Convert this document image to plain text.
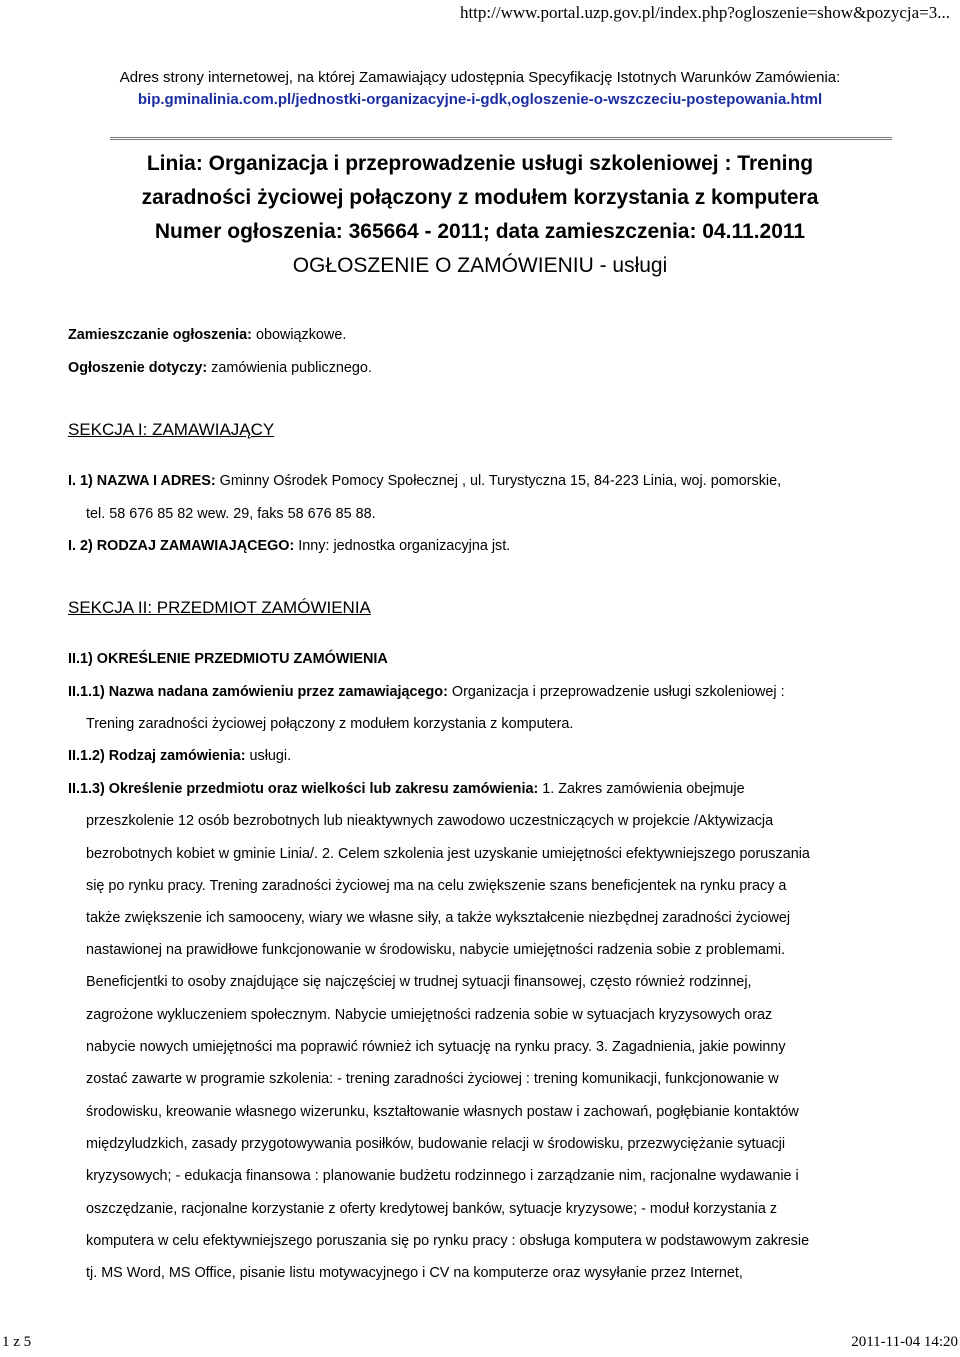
http://www.portal.uzp.gov.pl/index.php?ogloszenie=show&pozycja=3...
Adres strony internetowej, na której Zamawiający udostępnia Specyfikację Istotnych Warunków Zamówienia:
bip.gminalinia.com.pl/jednostki-organizacyjne-i-gdk,ogloszenie-o-wszczeciu-postepowania.html
Linia: Organizacja i przeprowadzenie usługi szkoleniowej : Trening
zaradności życiowej połączony z modułem korzystania z komputera
Numer ogłoszenia: 365664 - 2011; data zamieszczenia: 04.11.2011
OGŁOSZENIE O ZAMÓWIENIU - usługi
Zamieszczanie ogłoszenia: obowiązkowe.
Ogłoszenie dotyczy: zamówienia publicznego.
SEKCJA I: ZAMAWIAJĄCY
I. 1) NAZWA I ADRES: Gminny Ośrodek Pomocy Społecznej , ul. Turystyczna 15, 84-223 Linia, woj. pomorskie,
tel. 58 676 85 82 wew. 29, faks 58 676 85 88.
I. 2) RODZAJ ZAMAWIAJĄCEGO: Inny: jednostka organizacyjna jst.
SEKCJA II: PRZEDMIOT ZAMÓWIENIA
II.1) OKREŚLENIE PRZEDMIOTU ZAMÓWIENIA
II.1.1) Nazwa nadana zamówieniu przez zamawiającego: Organizacja i przeprowadzenie usługi szkoleniowej :
Trening zaradności życiowej połączony z modułem korzystania z komputera.
II.1.2) Rodzaj zamówienia: usługi.
II.1.3) Określenie przedmiotu oraz wielkości lub zakresu zamówienia: 1. Zakres zamówienia obejmuje
przeszkolenie 12 osób bezrobotnych lub nieaktywnych zawodowo uczestniczących w projekcie /Aktywizacja
bezrobotnych kobiet w gminie Linia/. 2. Celem szkolenia jest uzyskanie umiejętności efektywniejszego poruszania
się po rynku pracy. Trening zaradności życiowej ma na celu zwiększenie szans beneficjentek na rynku pracy a
także zwiększenie ich samooceny, wiary we własne siły, a także wykształcenie niezbędnej zaradności życiowej
nastawionej na prawidłowe funkcjonowanie w środowisku, nabycie umiejętności radzenia sobie z problemami.
Beneficjentki to osoby znajdujące się najczęściej w trudnej sytuacji finansowej, często również rodzinnej,
zagrożone wykluczeniem społecznym. Nabycie umiejętności radzenia sobie w sytuacjach kryzysowych oraz
nabycie nowych umiejętności ma poprawić również ich sytuację na rynku pracy. 3. Zagadnienia, jakie powinny
zostać zawarte w programie szkolenia: - trening zaradności życiowej : trening komunikacji, funkcjonowanie w
środowisku, kreowanie własnego wizerunku, kształtowanie własnych postaw i zachowań, pogłębianie kontaktów
międzyludzkich, zasady przygotowywania posiłków, budowanie relacji w środowisku, przezwyciężanie sytuacji
kryzysowych; - edukacja finansowa : planowanie budżetu rodzinnego i zarządzanie nim, racjonalne wydawanie i
oszczędzanie, racjonalne korzystanie z oferty kredytowej banków, sytuacje kryzysowe; - moduł korzystania z
komputera w celu efektywniejszego poruszania się po rynku pracy : obsługa komputera w podstawowym zakresie
tj. MS Word, MS Office, pisanie listu motywacyjnego i CV na komputerze oraz wysyłanie przez Internet,
1 z 5	2011-11-04 14:20
